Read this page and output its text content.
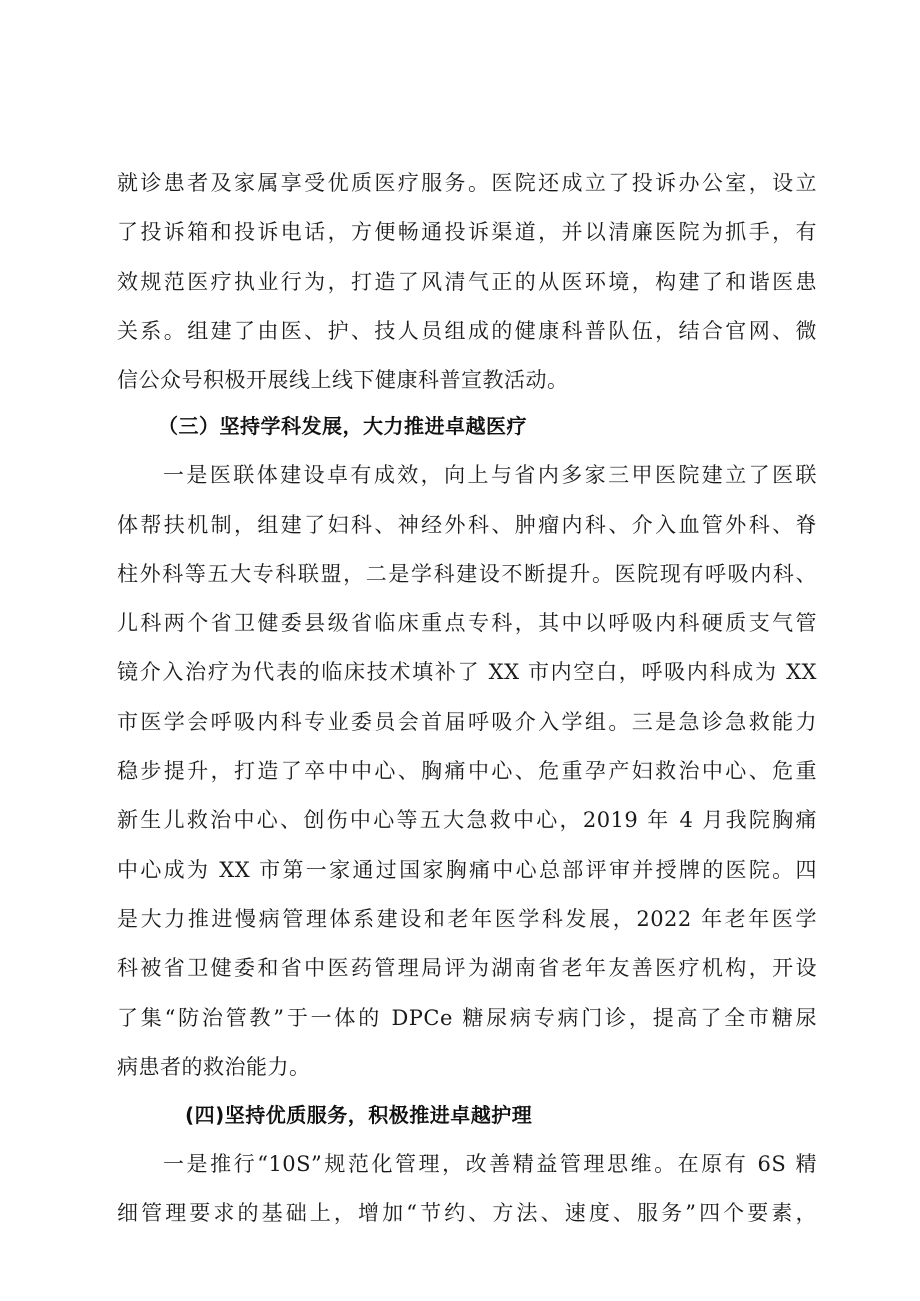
就诊患者及家属享受优质医疗服务。医院还成立了投诉办公室，设立
了投诉箱和投诉电话，方便畅通投诉渠道，并以清廉医院为抓手，有
效规范医疗执业行为，打造了风清气正的从医环境，构建了和谐医患
关系。组建了由医、护、技人员组成的健康科普队伍，结合官网、微
信公众号积极开展线上线下健康科普宣教活动。
（三）坚持学科发展，大力推进卓越医疗
一是医联体建设卓有成效，向上与省内多家三甲医院建立了医联
体帮扶机制，组建了妇科、神经外科、肿瘤内科、介入血管外科、脊
柱外科等五大专科联盟，二是学科建设不断提升。医院现有呼吸内科、
儿科两个省卫健委县级省临床重点专科，其中以呼吸内科硬质支气管
镜介入治疗为代表的临床技术填补了 XX 市内空白，呼吸内科成为 XX
市医学会呼吸内科专业委员会首届呼吸介入学组。三是急诊急救能力
稳步提升，打造了卒中中心、胸痛中心、危重孕产妇救治中心、危重
新生儿救治中心、创伤中心等五大急救中心，2019 年 4 月我院胸痛
中心成为 XX 市第一家通过国家胸痛中心总部评审并授牌的医院。四
是大力推进慢病管理体系建设和老年医学科发展，2022 年老年医学
科被省卫健委和省中医药管理局评为湖南省老年友善医疗机构，开设
了集“防治管教”于一体的 DPCe 糖尿病专病门诊，提高了全市糖尿
病患者的救治能力。
(四)坚持优质服务，积极推进卓越护理
一是推行“10S”规范化管理，改善精益管理思维。在原有 6S 精
细管理要求的基础上，增加“节约、方法、速度、服务”四个要素，
